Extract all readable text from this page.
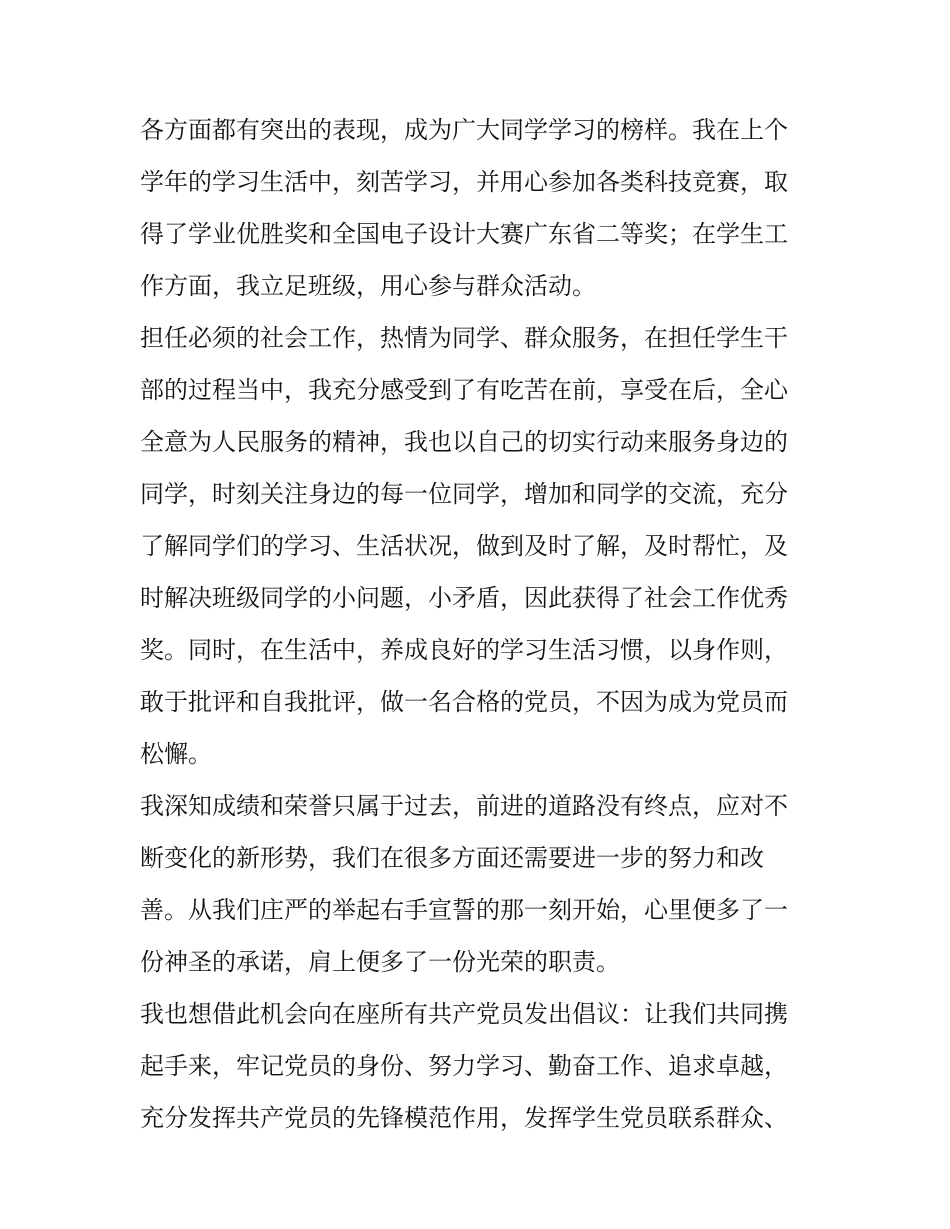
各方面都有突出的表现，成为广大同学学习的榜样。我在上个
学年的学习生活中，刻苦学习，并用心参加各类科技竞赛，取
得了学业优胜奖和全国电子设计大赛广东省二等奖；在学生工
作方面，我立足班级，用心参与群众活动。
担任必须的社会工作，热情为同学、群众服务，在担任学生干
部的过程当中，我充分感受到了有吃苦在前，享受在后，全心
全意为人民服务的精神，我也以自己的切实行动来服务身边的
同学，时刻关注身边的每一位同学，增加和同学的交流，充分
了解同学们的学习、生活状况，做到及时了解，及时帮忙，及
时解决班级同学的小问题，小矛盾，因此获得了社会工作优秀
奖。同时，在生活中，养成良好的学习生活习惯，以身作则，
敢于批评和自我批评，做一名合格的党员，不因为成为党员而
松懈。
我深知成绩和荣誉只属于过去，前进的道路没有终点，应对不
断变化的新形势，我们在很多方面还需要进一步的努力和改
善。从我们庄严的举起右手宣誓的那一刻开始，心里便多了一
份神圣的承诺，肩上便多了一份光荣的职责。
我也想借此机会向在座所有共产党员发出倡议：让我们共同携
起手来，牢记党员的身份、努力学习、勤奋工作、追求卓越，
充分发挥共产党员的先锋模范作用，发挥学生党员联系群众、
